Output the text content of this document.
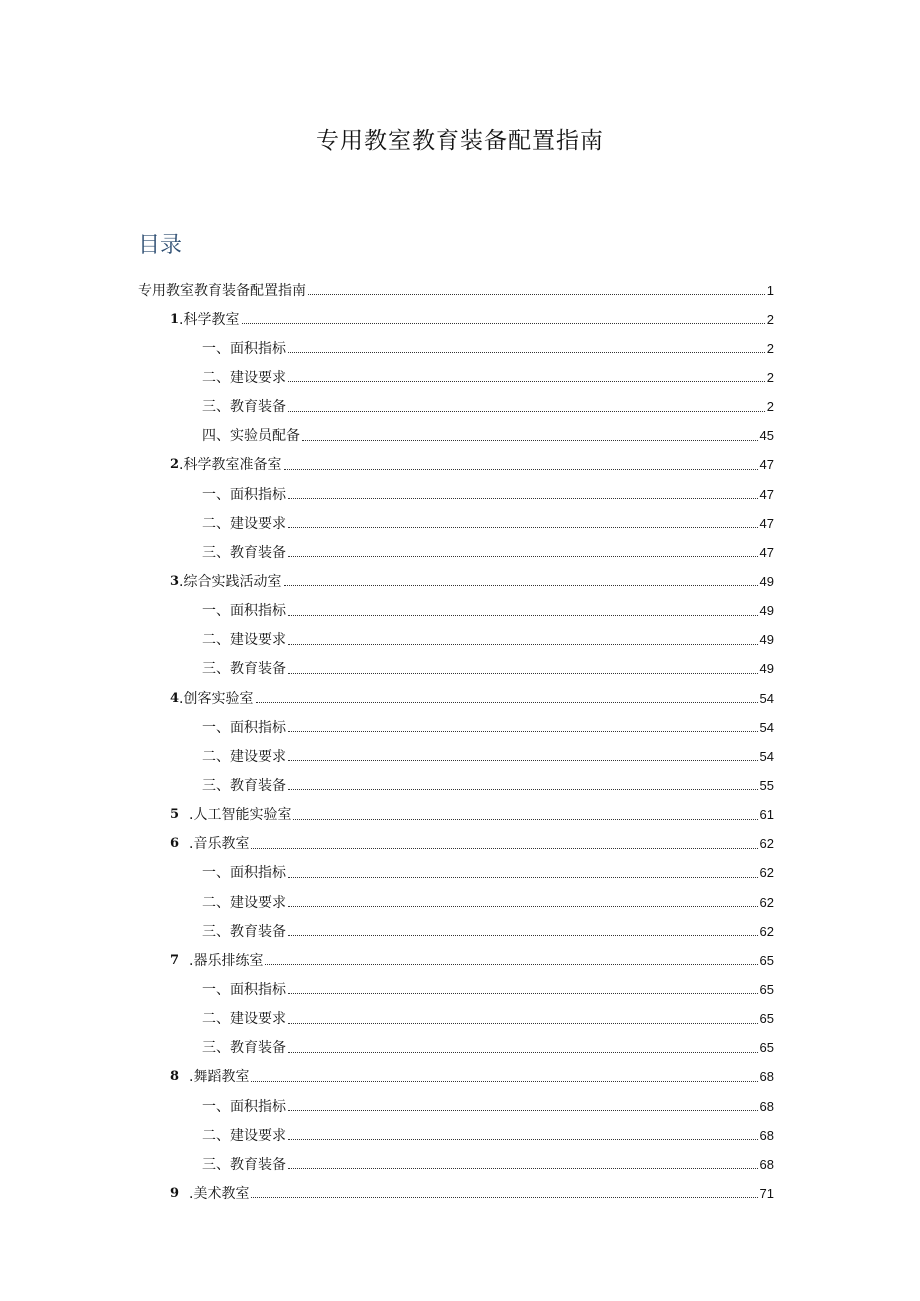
专用教室教育装备配置指南
目录
专用教室教育装备配置指南	1
1 .科学教室	2
一、面积指标	2
二、建设要求	2
三、教育装备	2
四、实验员配备	45
2 .科学教室准备室	47
一、面积指标	47
二、建设要求	47
三、教育装备	47
3 .综合实践活动室	49
一、面积指标	49
二、建设要求	49
三、教育装备	49
4 .创客实验室	54
一、面积指标	54
二、建设要求	54
三、教育装备	55
5 .人工智能实验室	61
6 .音乐教室	62
一、面积指标	62
二、建设要求	62
三、教育装备	62
7 .器乐排练室	65
一、面积指标	65
二、建设要求	65
三、教育装备	65
8 .舞蹈教室	68
一、面积指标	68
二、建设要求	68
三、教育装备	68
9 .美术教室	71
